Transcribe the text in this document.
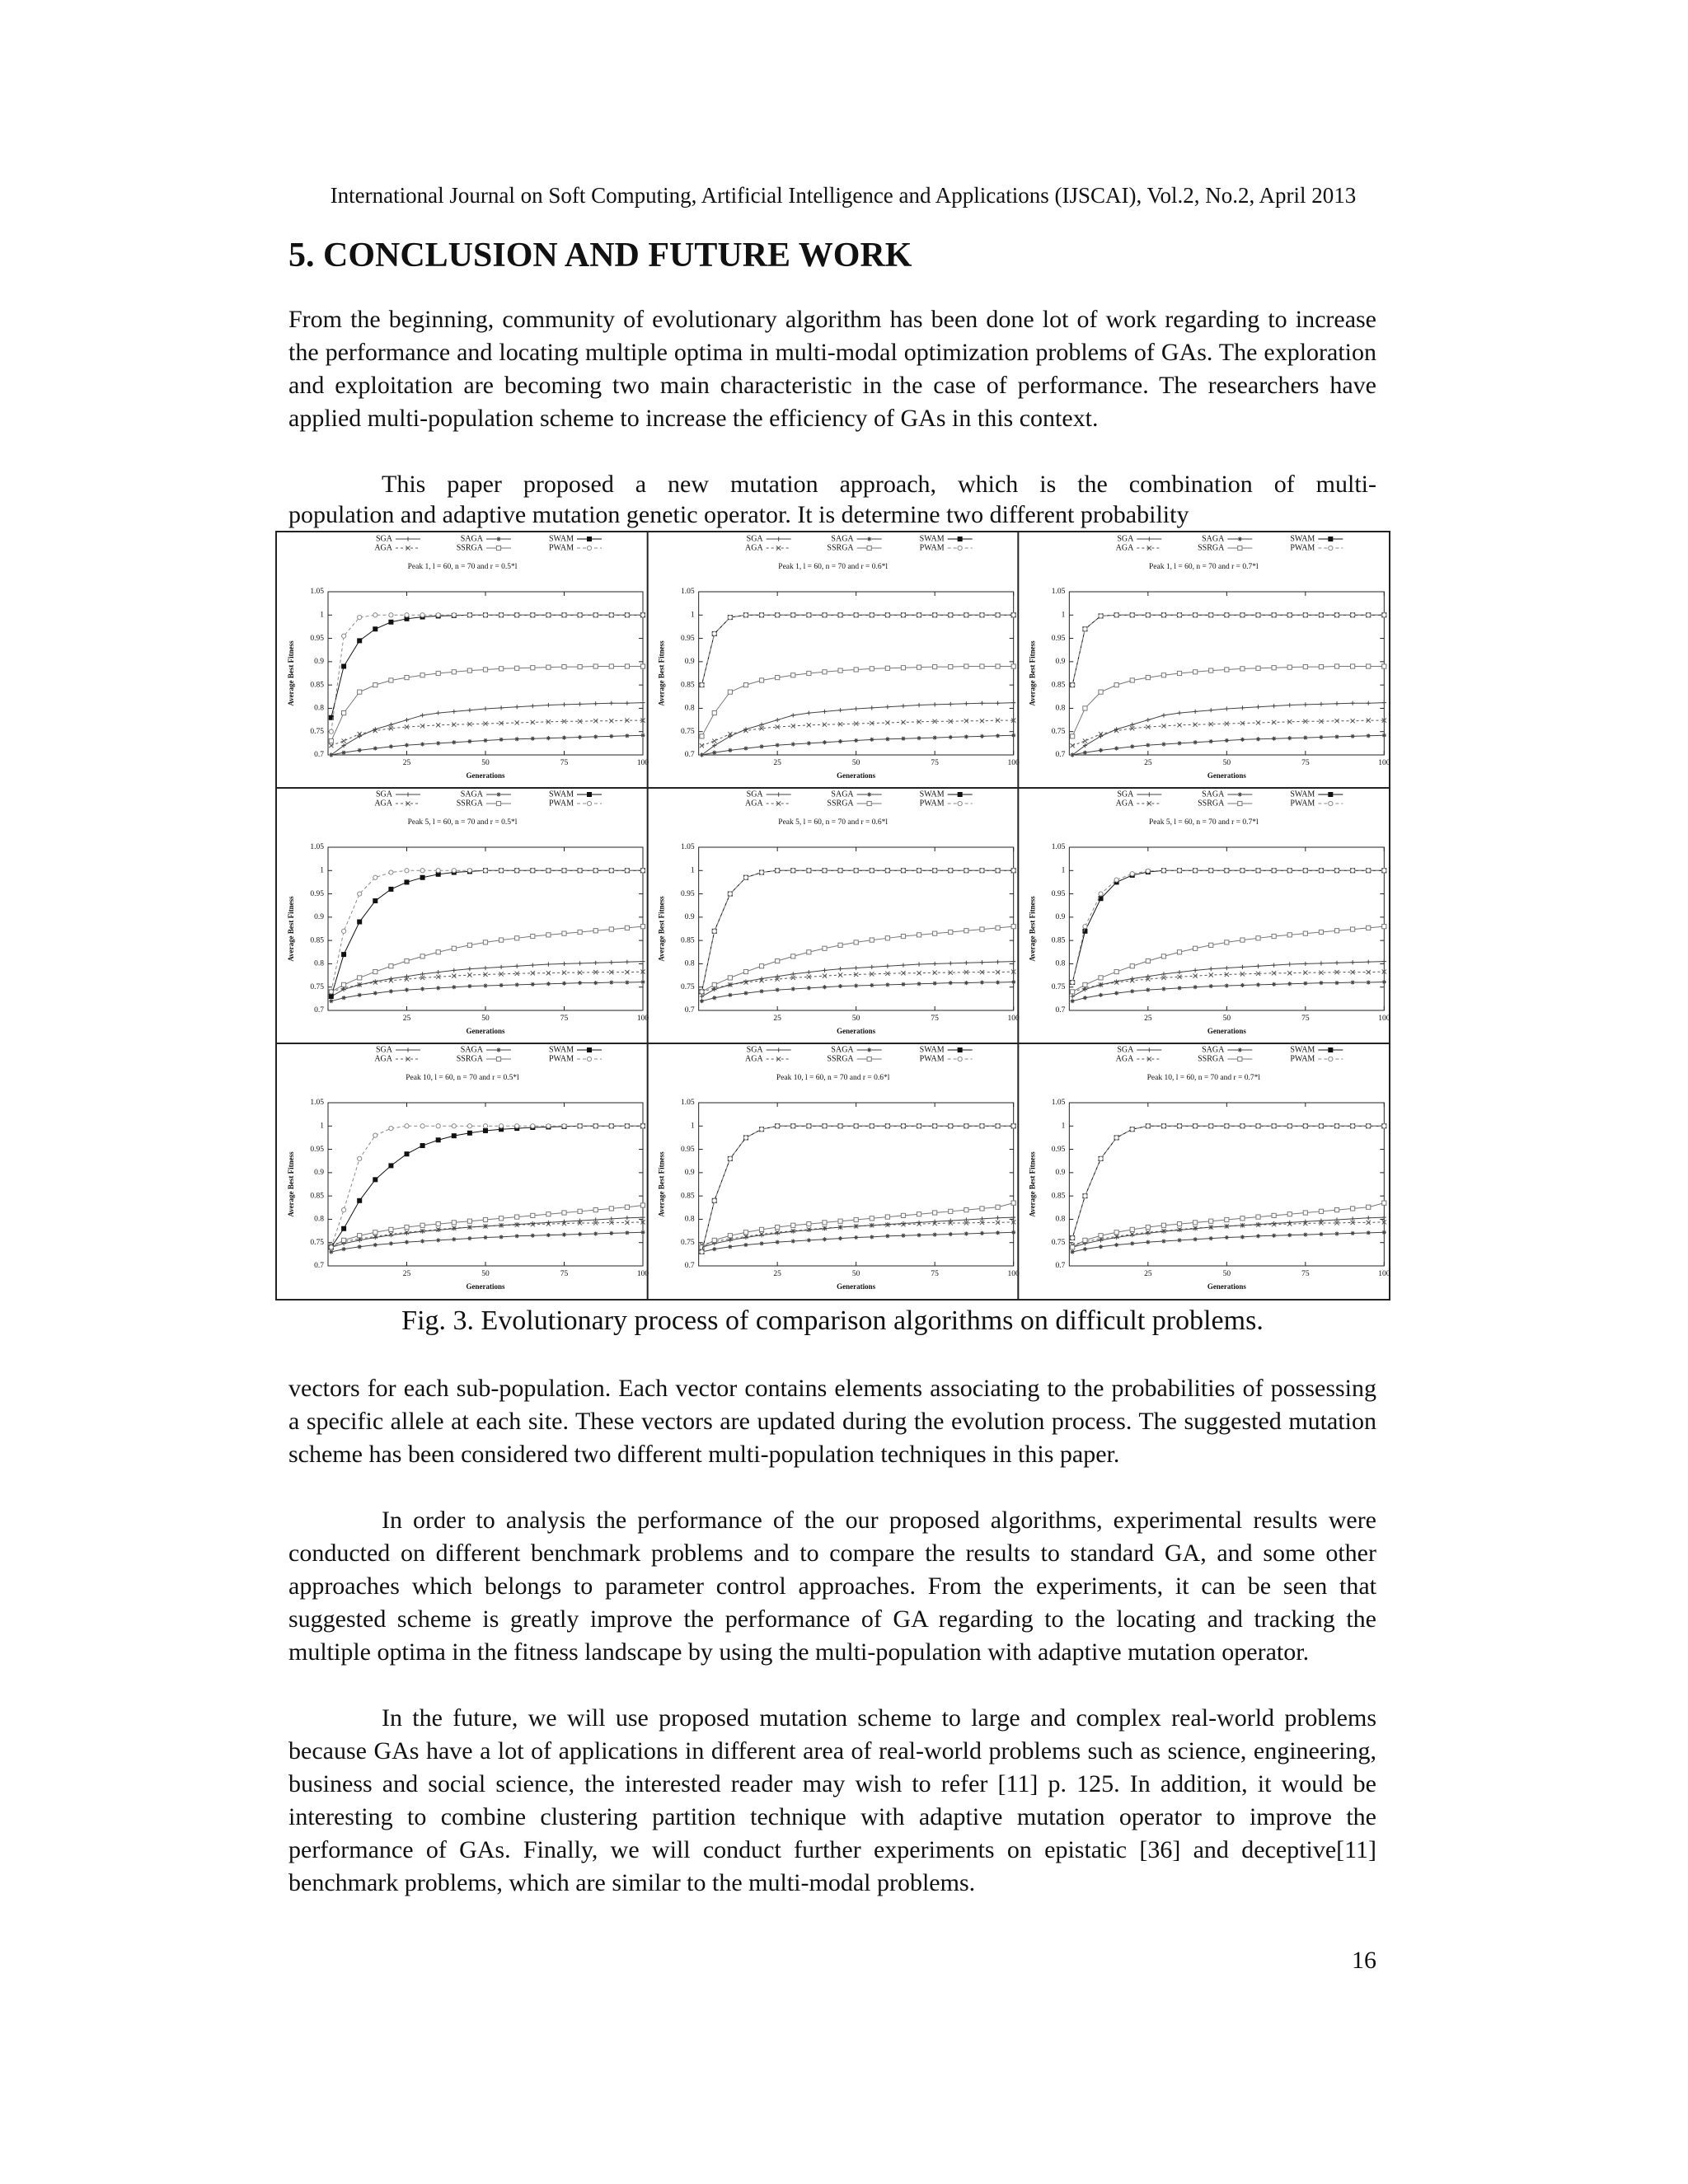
International Journal on Soft Computing, Artificial Intelligence and Applications (IJSCAI), Vol.2, No.2, April 2013
5. CONCLUSION AND FUTURE WORK

From the beginning, community of evolutionary algorithm has been done lot of work regarding to increase the performance and locating multiple optima in multi-modal optimization problems of GAs. The exploration and exploitation are becoming two main characteristic in the case of performance. The researchers have applied multi-population scheme to increase the efficiency of GAs in this context.

This paper proposed a new mutation approach, which is the combination of multi-

population and adaptive mutation genetic operator. It is determine two different probability

SGA	SAGA	SWAM
AGA	SSRGA	PWAM
Peak 1, l = 60, n = 70 and r = 0.5*l
0.7
0.75
0.8
0.85
0.9
0.95
1
1.05
25	50	75	100
Generations
Average Best Fitness
SGA	SAGA	SWAM
AGA	SSRGA	PWAM
Peak 1, l = 60, n = 70 and r = 0.6*l
0.7
0.75
0.8
0.85
0.9
0.95
1
1.05
25	50	75	100
Generations
Average Best Fitness
SGA	SAGA	SWAM
AGA	SSRGA	PWAM
Peak 1, l = 60, n = 70 and r = 0.7*l
0.7
0.75
0.8
0.85
0.9
0.95
1
1.05
25	50	75	100
Generations
Average Best Fitness
SGA	SAGA	SWAM
AGA	SSRGA	PWAM
Peak 5, l = 60, n = 70 and r = 0.5*l
0.7
0.75
0.8
0.85
0.9
0.95
1
1.05
25	50	75	100
Generations
Average Best Fitness
SGA	SAGA	SWAM
AGA	SSRGA	PWAM
Peak 5, l = 60, n = 70 and r = 0.6*l
0.7
0.75
0.8
0.85
0.9
0.95
1
1.05
25	50	75	100
Generations
Average Best Fitness
SGA	SAGA	SWAM
AGA	SSRGA	PWAM
Peak 5, l = 60, n = 70 and r = 0.7*l
0.7
0.75
0.8
0.85
0.9
0.95
1
1.05
25	50	75	100
Generations
Average Best Fitness
SGA	SAGA	SWAM
AGA	SSRGA	PWAM
Peak 10, l = 60, n = 70 and r = 0.5*l
0.7
0.75
0.8
0.85
0.9
0.95
1
1.05
25	50	75	100
Generations
Average Best Fitness
SGA	SAGA	SWAM
AGA	SSRGA	PWAM
Peak 10, l = 60, n = 70 and r = 0.6*l
0.7
0.75
0.8
0.85
0.9
0.95
1
1.05
25	50	75	100
Generations
Average Best Fitness
SGA	SAGA	SWAM
AGA	SSRGA	PWAM
Peak 10, l = 60, n = 70 and r = 0.7*l
0.7
0.75
0.8
0.85
0.9
0.95
1
1.05
25	50	75	100
Generations
Average Best Fitness
Fig. 3. Evolutionary process of comparison algorithms on difficult problems.

vectors for each sub-population. Each vector contains elements associating to the probabilities of possessing a specific allele at each site. These vectors are updated during the evolution process. The suggested mutation scheme has been considered two different multi-population techniques in this paper.

In order to analysis the performance of the our proposed algorithms, experimental results were conducted on different benchmark problems and to compare the results to standard GA, and some other approaches which belongs to parameter control approaches. From the experiments, it can be seen that suggested scheme is greatly improve the performance of GA regarding to the locating and tracking the multiple optima in the fitness landscape by using the multi-population with adaptive mutation operator.

In the future, we will use proposed mutation scheme to large and complex real-world problems because GAs have a lot of applications in different area of real-world problems such as science, engineering, business and social science, the interested reader may wish to refer [11] p. 125. In addition, it would be interesting to combine clustering partition technique with adaptive mutation operator to improve the performance of GAs. Finally, we will conduct further experiments on epistatic [36] and deceptive[11] benchmark problems, which are similar to the multi-modal problems.

16
